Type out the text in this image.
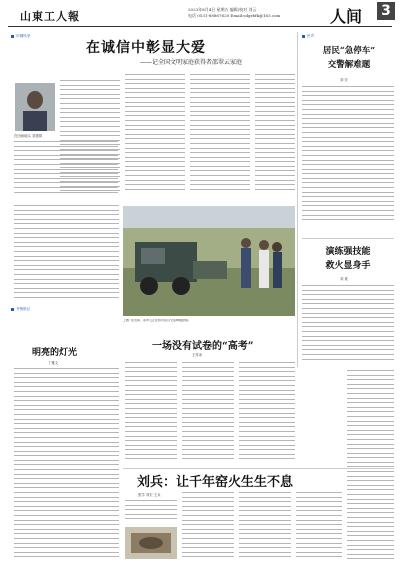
山東工人報
2023年8月4日 星期五 编辑/校对 刘云
电话 0531-88867620 Email:sdgrbfk@163.com	人间 3
巾帼风采
在诚信中彰显大爱
——记全国文明家庭获得者邵翠云家庭
在田间地头 刘建琪
上图: 在田间，邵翠云正在和村民们交流种植经验。
齐鲁散记
明亮的灯光
丁雅文
一场没有试卷的“高考”
王传冰
民声
居民“急停车”
交警解难题
刘 宏
演练强技能
救火显身手
刘 欢
刘兵：让千年窑火生生不息
张学 刘宏 王兵
